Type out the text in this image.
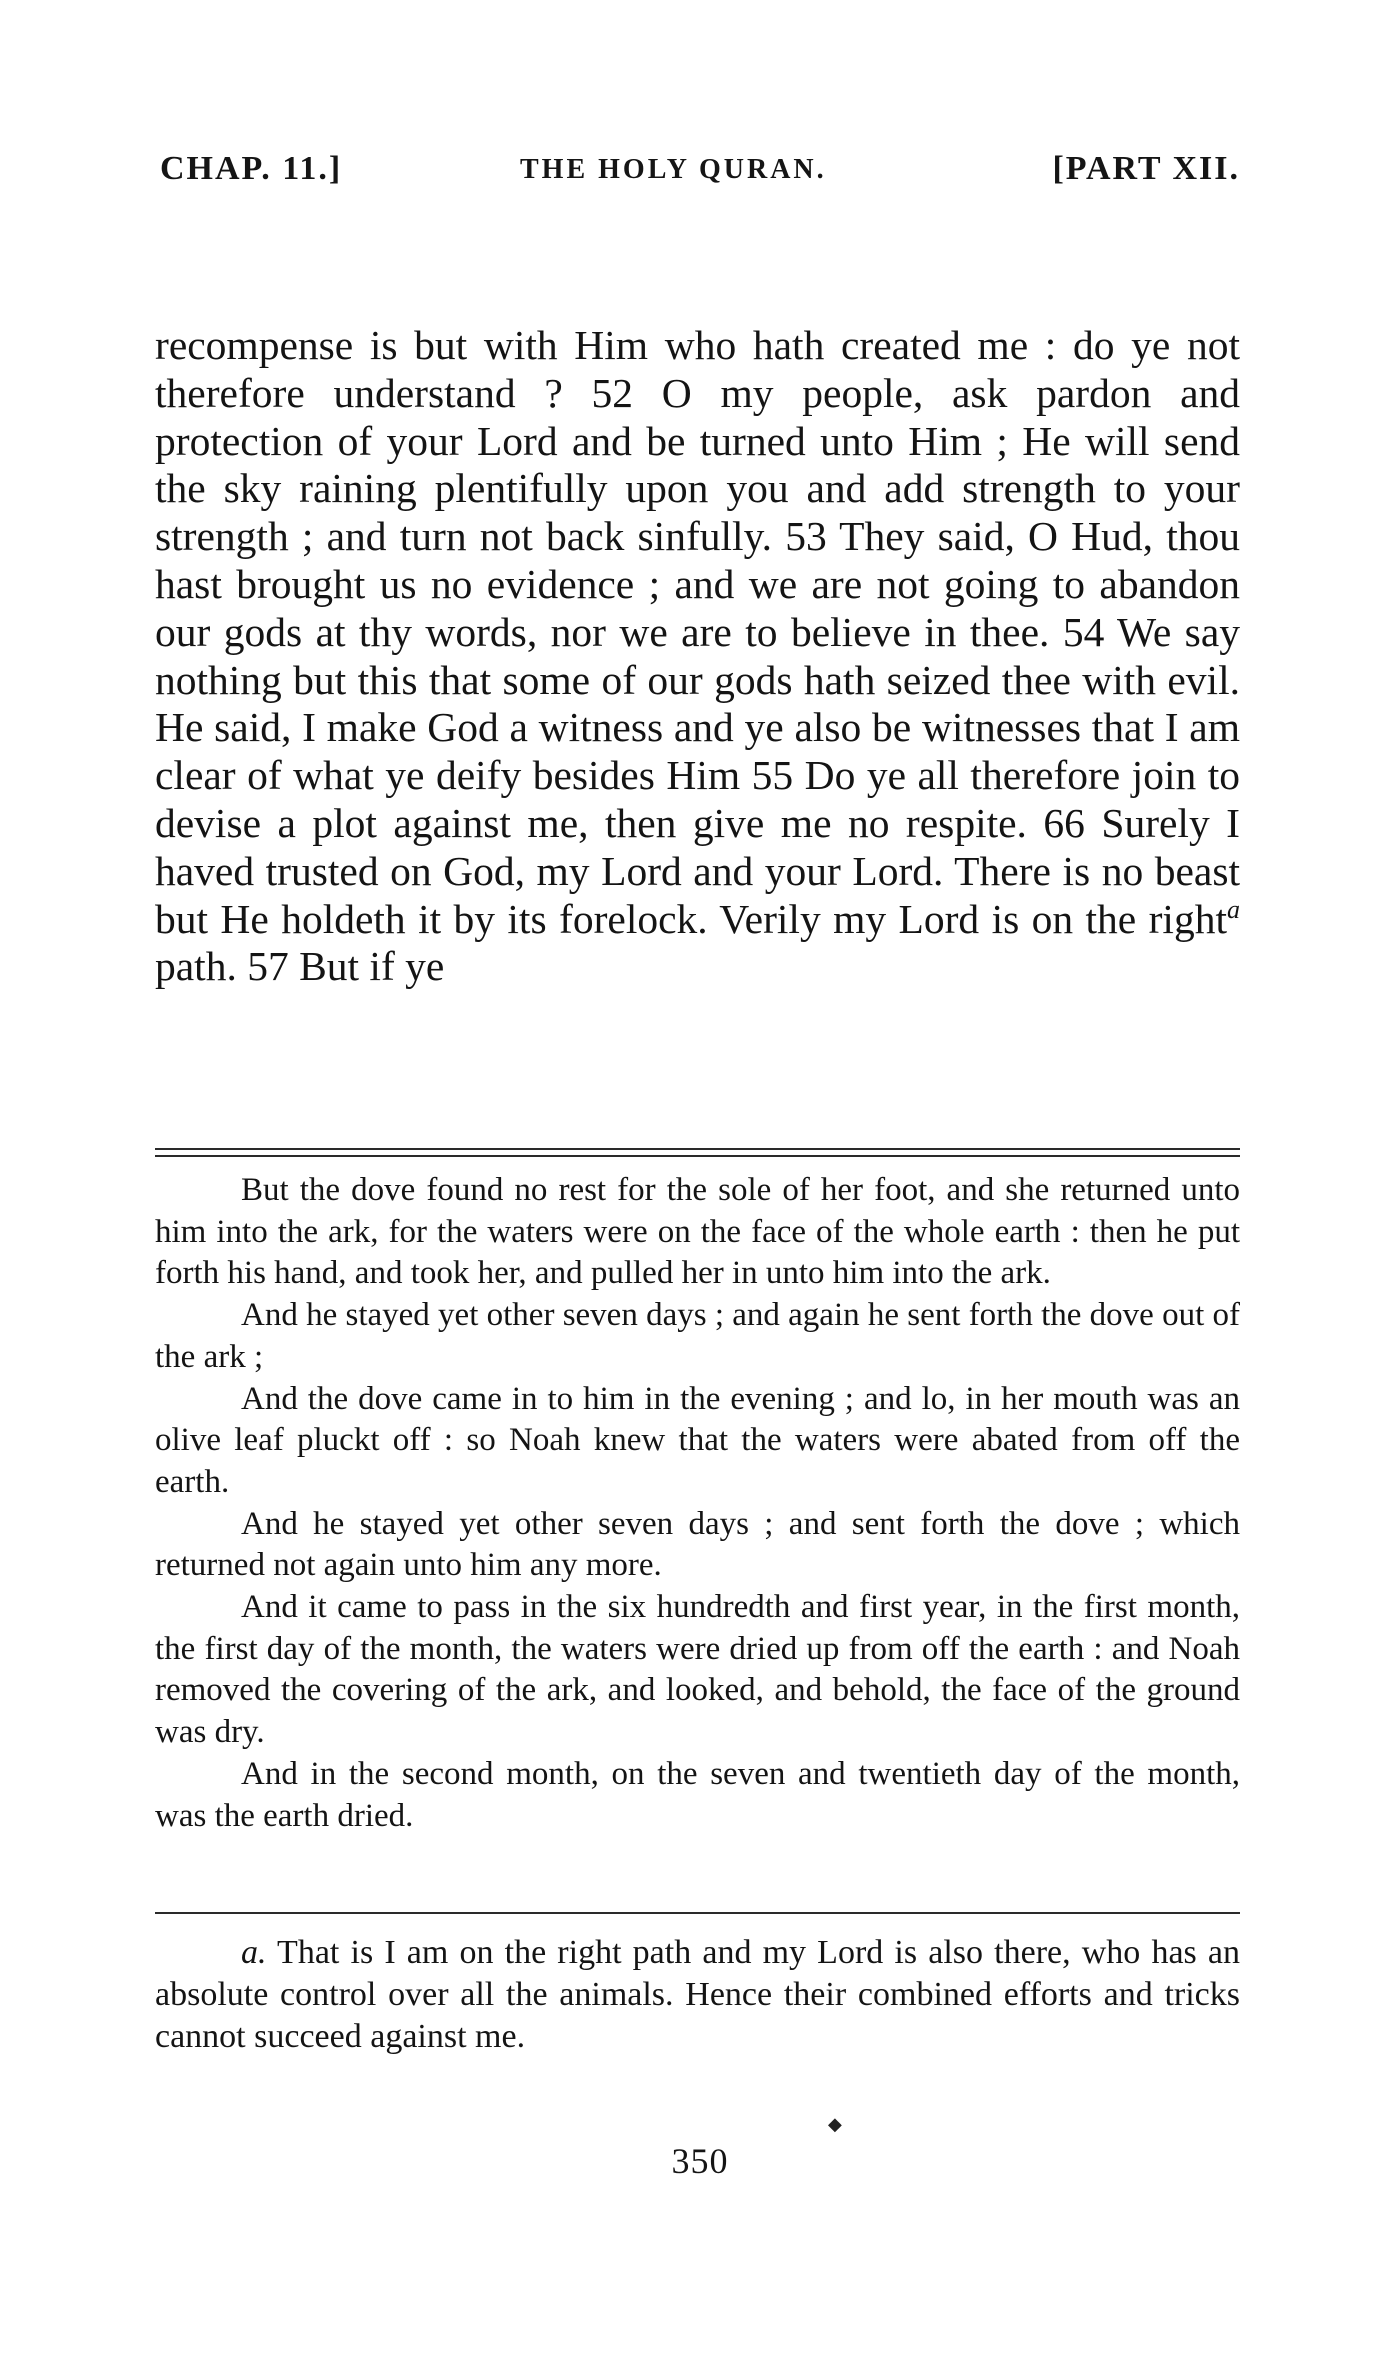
CHAP. 11.]	THE HOLY QURAN.	[PART XII.

recompense is but with Him who hath created me : do ye not therefore understand ? 52 O my people, ask pardon and protection of your Lord and be turned unto Him ; He will send the sky raining plentifully upon you and add strength to your strength ; and turn not back sinfully. 53 They said, O Hud, thou hast brought us no evidence ; and we are not going to abandon our gods at thy words, nor we are to believe in thee. 54 We say nothing but this that some of our gods hath seized thee with evil. He said, I make God a witness and ye also be witnesses that I am clear of what ye deify besides Him 55 Do ye all therefore join to devise a plot against me, then give me no respite. 66 Surely I haved trusted on God, my Lord and your Lord. There is no beast but He holdeth it by its forelock. Verily my Lord is on the right$^a$ path. 57 But if ye

But the dove found no rest for the sole of her foot, and she returned unto him into the ark, for the waters were on the face of the whole earth : then he put forth his hand, and took her, and pulled her in unto him into the ark.

And he stayed yet other seven days ; and again he sent forth the dove out of the ark ;

And the dove came in to him in the evening ; and lo, in her mouth was an olive leaf pluckt off : so Noah knew that the waters were abated from off the earth.

And he stayed yet other seven days ; and sent forth the dove ; which returned not again unto him any more.

And it came to pass in the six hundredth and first year, in the first month, the first day of the month, the waters were dried up from off the earth : and Noah removed the covering of the ark, and looked, and behold, the face of the ground was dry.

And in the second month, on the seven and twentieth day of the month, was the earth dried.

a. That is I am on the right path and my Lord is also there, who has an absolute control over all the animals. Hence their combined efforts and tricks cannot succeed against me.

◆
350
